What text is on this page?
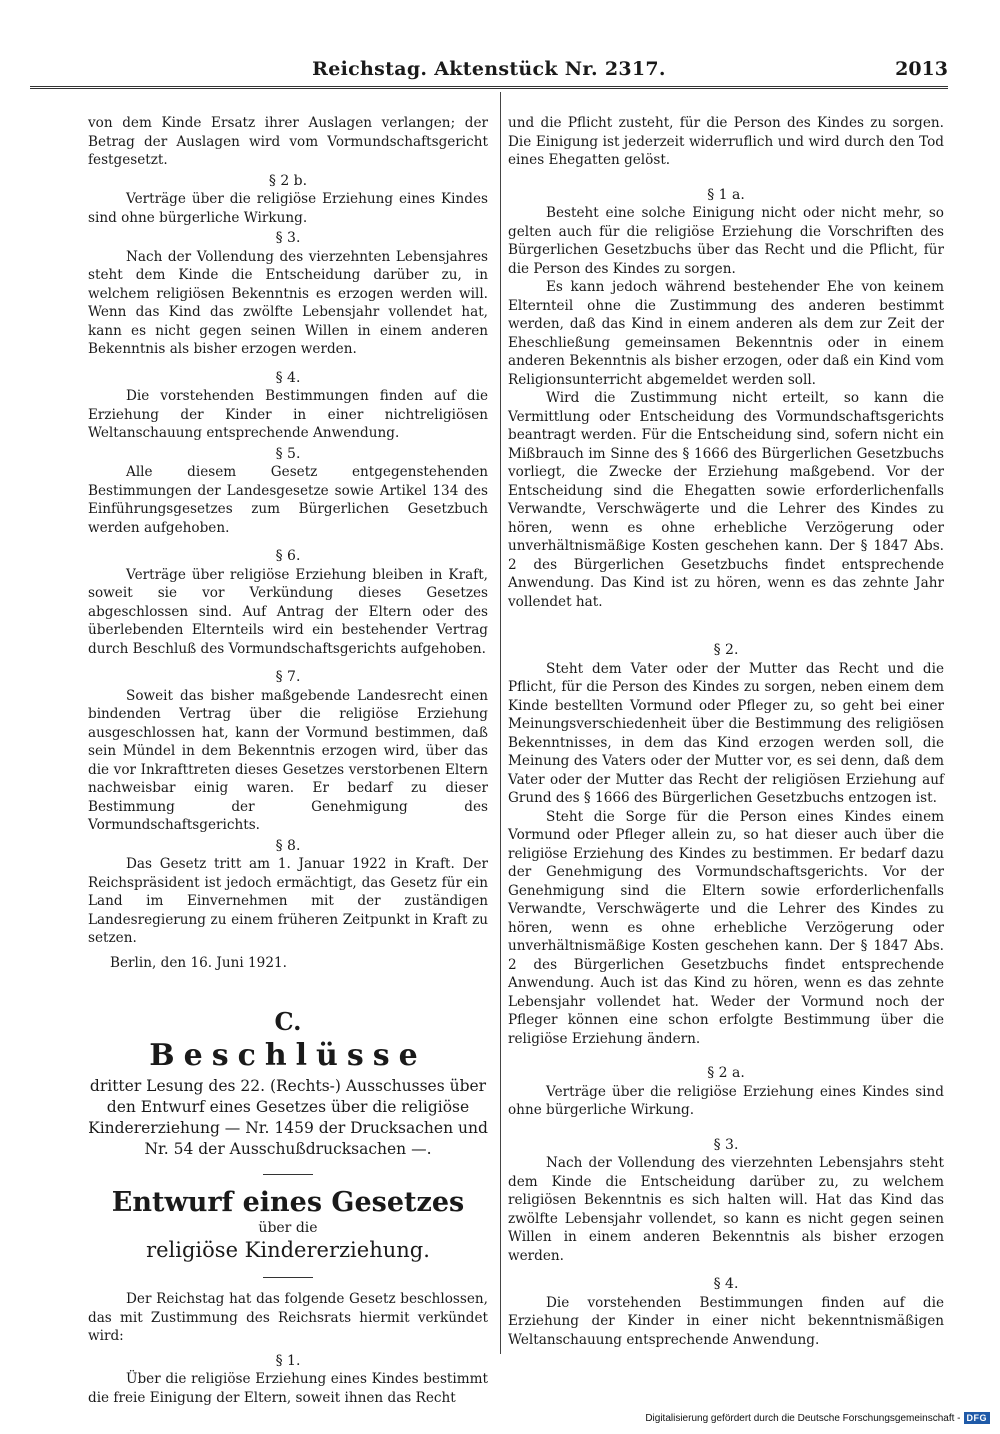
Reichstag. Aktenstück Nr. 2317.	2013

von dem Kinde Ersatz ihrer Auslagen verlangen; der Betrag der Auslagen wird vom Vormundschaftsgericht festgesetzt.

§ 2 b.

Verträge über die religiöse Erziehung eines Kindes sind ohne bürgerliche Wirkung.

§ 3.

Nach der Vollendung des vierzehnten Lebensjahres steht dem Kinde die Entscheidung darüber zu, in welchem religiösen Bekenntnis es erzogen werden will. Wenn das Kind das zwölfte Lebensjahr vollendet hat, kann es nicht gegen seinen Willen in einem anderen Bekenntnis als bisher erzogen werden.

§ 4.

Die vorstehenden Bestimmungen finden auf die Erziehung der Kinder in einer nichtreligiösen Weltanschauung entsprechende Anwendung.

§ 5.

Alle diesem Gesetz entgegenstehenden Bestimmungen der Landesgesetze sowie Artikel 134 des Einführungsgesetzes zum Bürgerlichen Gesetzbuch werden aufgehoben.

§ 6.

Verträge über religiöse Erziehung bleiben in Kraft, soweit sie vor Verkündung dieses Gesetzes abgeschlossen sind. Auf Antrag der Eltern oder des überlebenden Elternteils wird ein bestehender Vertrag durch Beschluß des Vormundschaftsgerichts aufgehoben.

§ 7.

Soweit das bisher maßgebende Landesrecht einen bindenden Vertrag über die religiöse Erziehung ausgeschlossen hat, kann der Vormund bestimmen, daß sein Mündel in dem Bekenntnis erzogen wird, über das die vor Inkrafttreten dieses Gesetzes verstorbenen Eltern nachweisbar einig waren. Er bedarf zu dieser Bestimmung der Genehmigung des Vormundschaftsgerichts.

§ 8.

Das Gesetz tritt am 1. Januar 1922 in Kraft. Der Reichspräsident ist jedoch ermächtigt, das Gesetz für ein Land im Einvernehmen mit der zuständigen Landesregierung zu einem früheren Zeitpunkt in Kraft zu setzen.

Berlin, den 16. Juni 1921.

C.
Beschlüsse
dritter Lesung des 22. (Rechts-) Ausschusses über den Entwurf eines Gesetzes über die religiöse Kindererziehung — Nr. 1459 der Drucksachen und Nr. 54 der Ausschußdrucksachen —.
Entwurf eines Gesetzes
über die
religiöse Kindererziehung.

Der Reichstag hat das folgende Gesetz beschlossen, das mit Zustimmung des Reichsrats hiermit verkündet wird:

§ 1.

Über die religiöse Erziehung eines Kindes bestimmt die freie Einigung der Eltern, soweit ihnen das Recht

und die Pflicht zusteht, für die Person des Kindes zu sorgen. Die Einigung ist jederzeit widerruflich und wird durch den Tod eines Ehegatten gelöst.

§ 1 a.

Besteht eine solche Einigung nicht oder nicht mehr, so gelten auch für die religiöse Erziehung die Vorschriften des Bürgerlichen Gesetzbuchs über das Recht und die Pflicht, für die Person des Kindes zu sorgen.

Es kann jedoch während bestehender Ehe von keinem Elternteil ohne die Zustimmung des anderen bestimmt werden, daß das Kind in einem anderen als dem zur Zeit der Eheschließung gemeinsamen Bekenntnis oder in einem anderen Bekenntnis als bisher erzogen, oder daß ein Kind vom Religionsunterricht abgemeldet werden soll.

Wird die Zustimmung nicht erteilt, so kann die Vermittlung oder Entscheidung des Vormundschaftsgerichts beantragt werden. Für die Entscheidung sind, sofern nicht ein Mißbrauch im Sinne des § 1666 des Bürgerlichen Gesetzbuchs vorliegt, die Zwecke der Erziehung maßgebend. Vor der Entscheidung sind die Ehegatten sowie erforderlichenfalls Verwandte, Verschwägerte und die Lehrer des Kindes zu hören, wenn es ohne erhebliche Verzögerung oder unverhältnismäßige Kosten geschehen kann. Der § 1847 Abs. 2 des Bürgerlichen Gesetzbuchs findet entsprechende Anwendung. Das Kind ist zu hören, wenn es das zehnte Jahr vollendet hat.

§ 2.

Steht dem Vater oder der Mutter das Recht und die Pflicht, für die Person des Kindes zu sorgen, neben einem dem Kinde bestellten Vormund oder Pfleger zu, so geht bei einer Meinungsverschiedenheit über die Bestimmung des religiösen Bekenntnisses, in dem das Kind erzogen werden soll, die Meinung des Vaters oder der Mutter vor, es sei denn, daß dem Vater oder der Mutter das Recht der religiösen Erziehung auf Grund des § 1666 des Bürgerlichen Gesetzbuchs entzogen ist.

Steht die Sorge für die Person eines Kindes einem Vormund oder Pfleger allein zu, so hat dieser auch über die religiöse Erziehung des Kindes zu bestimmen. Er bedarf dazu der Genehmigung des Vormundschaftsgerichts. Vor der Genehmigung sind die Eltern sowie erforderlichenfalls Verwandte, Verschwägerte und die Lehrer des Kindes zu hören, wenn es ohne erhebliche Verzögerung oder unverhältnismäßige Kosten geschehen kann. Der § 1847 Abs. 2 des Bürgerlichen Gesetzbuchs findet entsprechende Anwendung. Auch ist das Kind zu hören, wenn es das zehnte Lebensjahr vollendet hat. Weder der Vormund noch der Pfleger können eine schon erfolgte Bestimmung über die religiöse Erziehung ändern.

§ 2 a.

Verträge über die religiöse Erziehung eines Kindes sind ohne bürgerliche Wirkung.

§ 3.

Nach der Vollendung des vierzehnten Lebensjahrs steht dem Kinde die Entscheidung darüber zu, zu welchem religiösen Bekenntnis es sich halten will. Hat das Kind das zwölfte Lebensjahr vollendet, so kann es nicht gegen seinen Willen in einem anderen Bekenntnis als bisher erzogen werden.

§ 4.

Die vorstehenden Bestimmungen finden auf die Erziehung der Kinder in einer nicht bekenntnismäßigen Weltanschauung entsprechende Anwendung.

Digitalisierung gefördert durch die Deutsche Forschungsgemeinschaft - DFG
